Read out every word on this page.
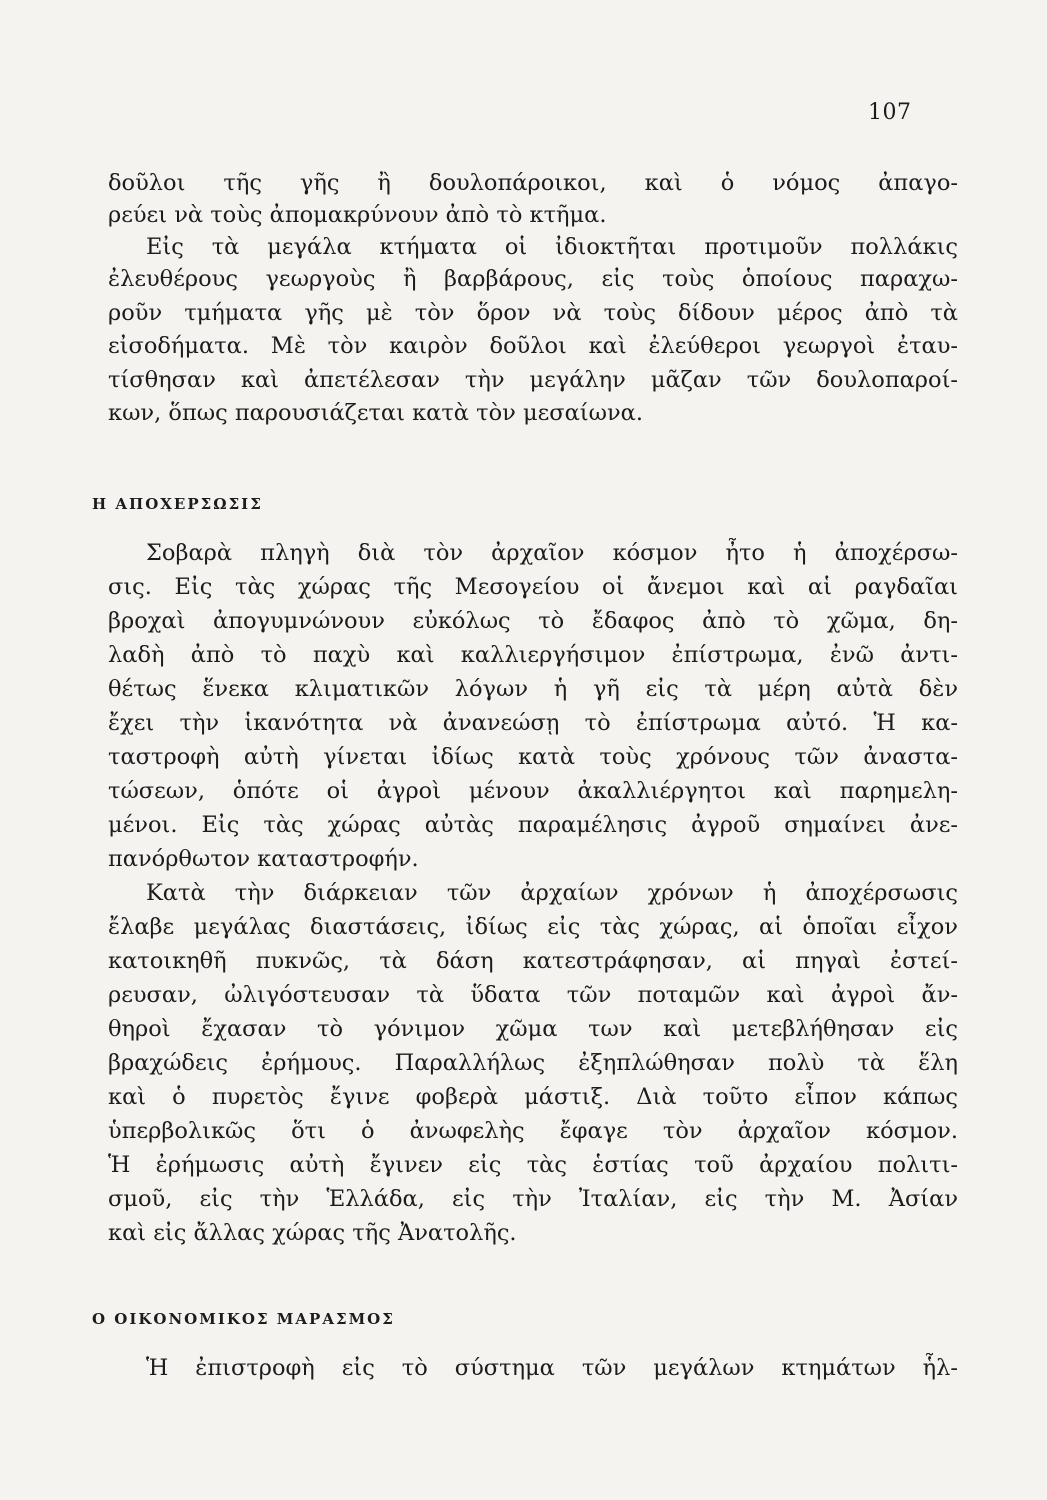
107
δοῦλοι τῆς γῆς ἢ δουλοπάροικοι, καὶ ὁ νόμος ἀπαγο-
ρεύει νὰ τοὺς ἀπομακρύνουν ἀπὸ τὸ κτῆμα.
Εἰς τὰ μεγάλα κτήματα οἱ ἰδιοκτῆται προτιμοῦν πολλάκις
ἐλευθέρους γεωργοὺς ἢ βαρβάρους, εἰς τοὺς ὁποίους παραχω-
ροῦν τμήματα γῆς μὲ τὸν ὅρον νὰ τοὺς δίδουν μέρος ἀπὸ τὰ
εἰσοδήματα. Μὲ τὸν καιρὸν δοῦλοι καὶ ἐλεύθεροι γεωργοὶ ἐταυ-
τίσθησαν καὶ ἀπετέλεσαν τὴν μεγάλην μᾶζαν τῶν δουλοπαροί-
κων, ὅπως παρουσιάζεται κατὰ τὸν μεσαίωνα.
Η ΑΠΟΧΕΡΣΩΣΙΣ
Σοβαρὰ πληγὴ διὰ τὸν ἀρχαῖον κόσμον ἦτο ἡ ἀποχέρσω-
σις. Εἰς τὰς χώρας τῆς Μεσογείου οἱ ἄνεμοι καὶ αἱ ραγδαῖαι
βροχαὶ ἀπογυμνώνουν εὐκόλως τὸ ἔδαφος ἀπὸ τὸ χῶμα, δη-
λαδὴ ἀπὸ τὸ παχὺ καὶ καλλιεργήσιμον ἐπίστρωμα, ἐνῶ ἀντι-
θέτως ἕνεκα κλιματικῶν λόγων ἡ γῆ εἰς τὰ μέρη αὐτὰ δὲν
ἔχει τὴν ἱκανότητα νὰ ἀνανεώσῃ τὸ ἐπίστρωμα αὐτό. Ἡ κα-
ταστροφὴ αὐτὴ γίνεται ἰδίως κατὰ τοὺς χρόνους τῶν ἀναστα-
τώσεων, ὁπότε οἱ ἀγροὶ μένουν ἀκαλλιέργητοι καὶ παρημελη-
μένοι. Εἰς τὰς χώρας αὐτὰς παραμέλησις ἀγροῦ σημαίνει ἀνε-
πανόρθωτον καταστροφήν.
Κατὰ τὴν διάρκειαν τῶν ἀρχαίων χρόνων ἡ ἀποχέρσωσις
ἔλαβε μεγάλας διαστάσεις, ἰδίως εἰς τὰς χώρας, αἱ ὁποῖαι εἶχον
κατοικηθῆ πυκνῶς, τὰ δάση κατεστράφησαν, αἱ πηγαὶ ἐστεί-
ρευσαν, ὠλιγόστευσαν τὰ ὕδατα τῶν ποταμῶν καὶ ἀγροὶ ἄν-
θηροὶ ἔχασαν τὸ γόνιμον χῶμα των καὶ μετεβλήθησαν εἰς
βραχώδεις ἐρήμους. Παραλλήλως ἐξηπλώθησαν πολὺ τὰ ἕλη
καὶ ὁ πυρετὸς ἔγινε φοβερὰ μάστιξ. Διὰ τοῦτο εἶπον κάπως
ὑπερβολικῶς ὅτι ὁ ἀνωφελὴς ἔφαγε τὸν ἀρχαῖον κόσμον.
Ἡ ἐρήμωσις αὐτὴ ἔγινεν εἰς τὰς ἑστίας τοῦ ἀρχαίου πολιτι-
σμοῦ, εἰς τὴν Ἑλλάδα, εἰς τὴν Ἰταλίαν, εἰς τὴν Μ. Ἀσίαν
καὶ εἰς ἄλλας χώρας τῆς Ἀνατολῆς.
Ο ΟΙΚΟΝΟΜΙΚΟΣ ΜΑΡΑΣΜΟΣ
Ἡ ἐπιστροφὴ εἰς τὸ σύστημα τῶν μεγάλων κτημάτων ἧλ-
